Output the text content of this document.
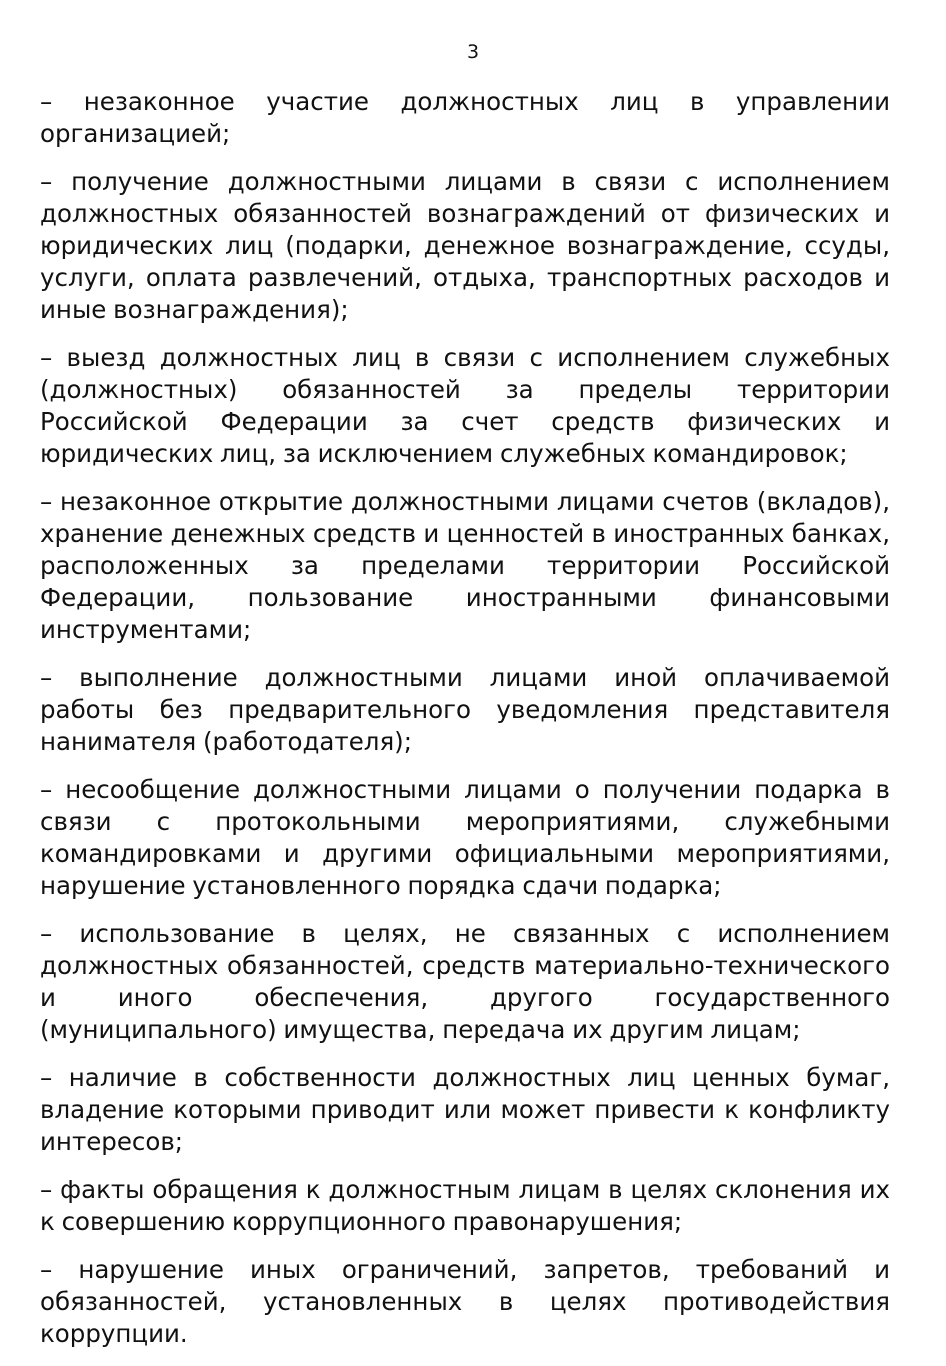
3

– незаконное участие должностных лиц в управлении организацией;

– получение должностными лицами в связи с исполнением должностных обязанностей вознаграждений от физических и юридических лиц (подарки, денежное вознаграждение, ссуды, услуги, оплата развлечений, отдыха, транспортных расходов и иные вознаграждения);

– выезд должностных лиц в связи с исполнением служебных (должностных) обязанностей за пределы территории Российской Федерации за счет средств физических и юридических лиц, за исключением служебных командировок;

– незаконное открытие должностными лицами счетов (вкладов), хранение денежных средств и ценностей в иностранных банках, расположенных за пределами территории Российской Федерации, пользование иностранными финансовыми инструментами;

– выполнение должностными лицами иной оплачиваемой работы без предварительного уведомления представителя нанимателя (работодателя);

– несообщение должностными лицами о получении подарка в связи с протокольными мероприятиями, служебными командировками и другими официальными мероприятиями, нарушение установленного порядка сдачи подарка;

– использование в целях, не связанных с исполнением должностных обязанностей, средств материально-технического и иного обеспечения, другого государственного (муниципального) имущества, передача их другим лицам;

– наличие в собственности должностных лиц ценных бумаг, владение которыми приводит или может привести к конфликту интересов;

– факты обращения к должностным лицам в целях склонения их к совершению коррупционного правонарушения;

– нарушение иных ограничений, запретов, требований и обязанностей, установленных в целях противодействия коррупции.
